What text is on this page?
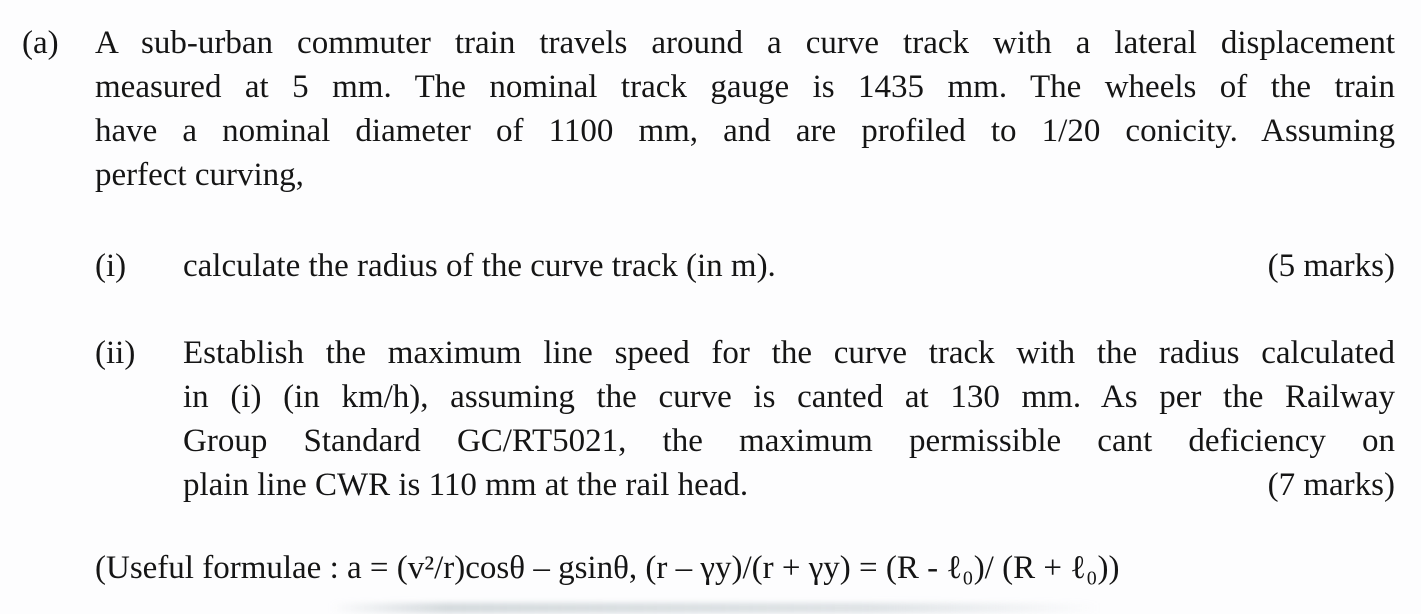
(a) A sub-urban commuter train travels around a curve track with a lateral displacement
measured at 5 mm. The nominal track gauge is 1435 mm. The wheels of the train
have a nominal diameter of 1100 mm, and are profiled to 1/20 conicity. Assuming
perfect curving,
(i)	calculate the radius of the curve track (in m).	(5 marks)
(ii)	Establish the maximum line speed for the curve track with the radius calculated
in (i) (in km/h), assuming the curve is canted at 130 mm. As per the Railway
Group Standard GC/RT5021, the maximum permissible cant deficiency on
plain line CWR is 110 mm at the rail head.	(7 marks)
(Useful formulae : a = (v²/r)cosθ – gsinθ, (r – γy)/(r + γy) = (R - ℓ₀)/ (R + ℓ₀))
